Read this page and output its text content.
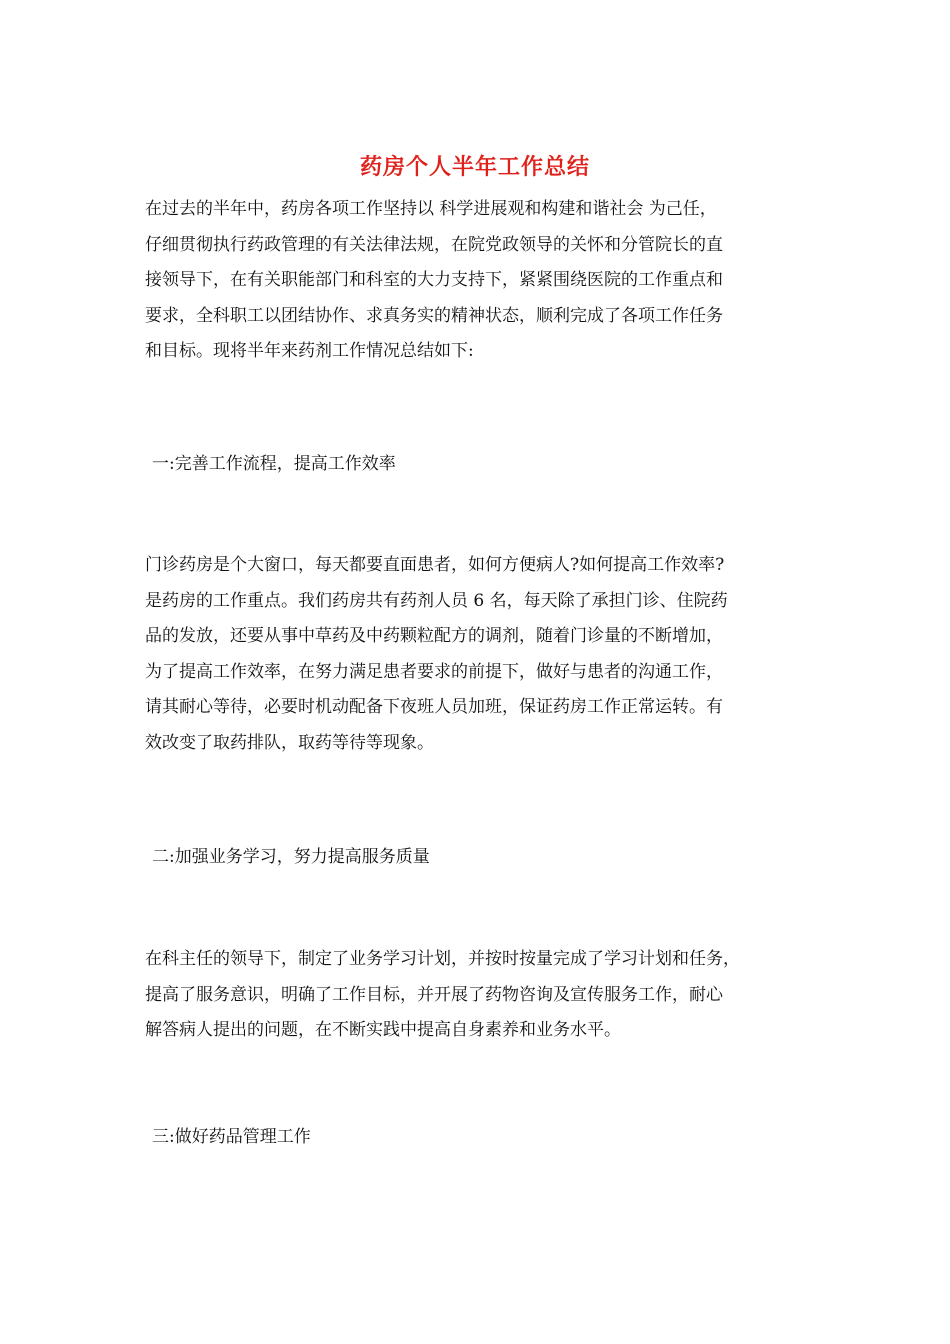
药房个人半年工作总结

在过去的半年中，药房各项工作坚持以 科学进展观和构建和谐社会 为己任，
仔细贯彻执行药政管理的有关法律法规，在院党政领导的关怀和分管院长的直
接领导下，在有关职能部门和科室的大力支持下，紧紧围绕医院的工作重点和
要求，全科职工以团结协作、求真务实的精神状态，顺利完成了各项工作任务
和目标。现将半年来药剂工作情况总结如下:

一:完善工作流程，提高工作效率

门诊药房是个大窗口，每天都要直面患者，如何方便病人?如何提高工作效率?
是药房的工作重点。我们药房共有药剂人员 6 名，每天除了承担门诊、住院药
品的发放，还要从事中草药及中药颗粒配方的调剂，随着门诊量的不断增加，
为了提高工作效率，在努力满足患者要求的前提下，做好与患者的沟通工作，
请其耐心等待，必要时机动配备下夜班人员加班，保证药房工作正常运转。有
效改变了取药排队，取药等待等现象。

二:加强业务学习，努力提高服务质量

在科主任的领导下，制定了业务学习计划，并按时按量完成了学习计划和任务，
提高了服务意识，明确了工作目标，并开展了药物咨询及宣传服务工作，耐心
解答病人提出的问题，在不断实践中提高自身素养和业务水平。

三:做好药品管理工作
